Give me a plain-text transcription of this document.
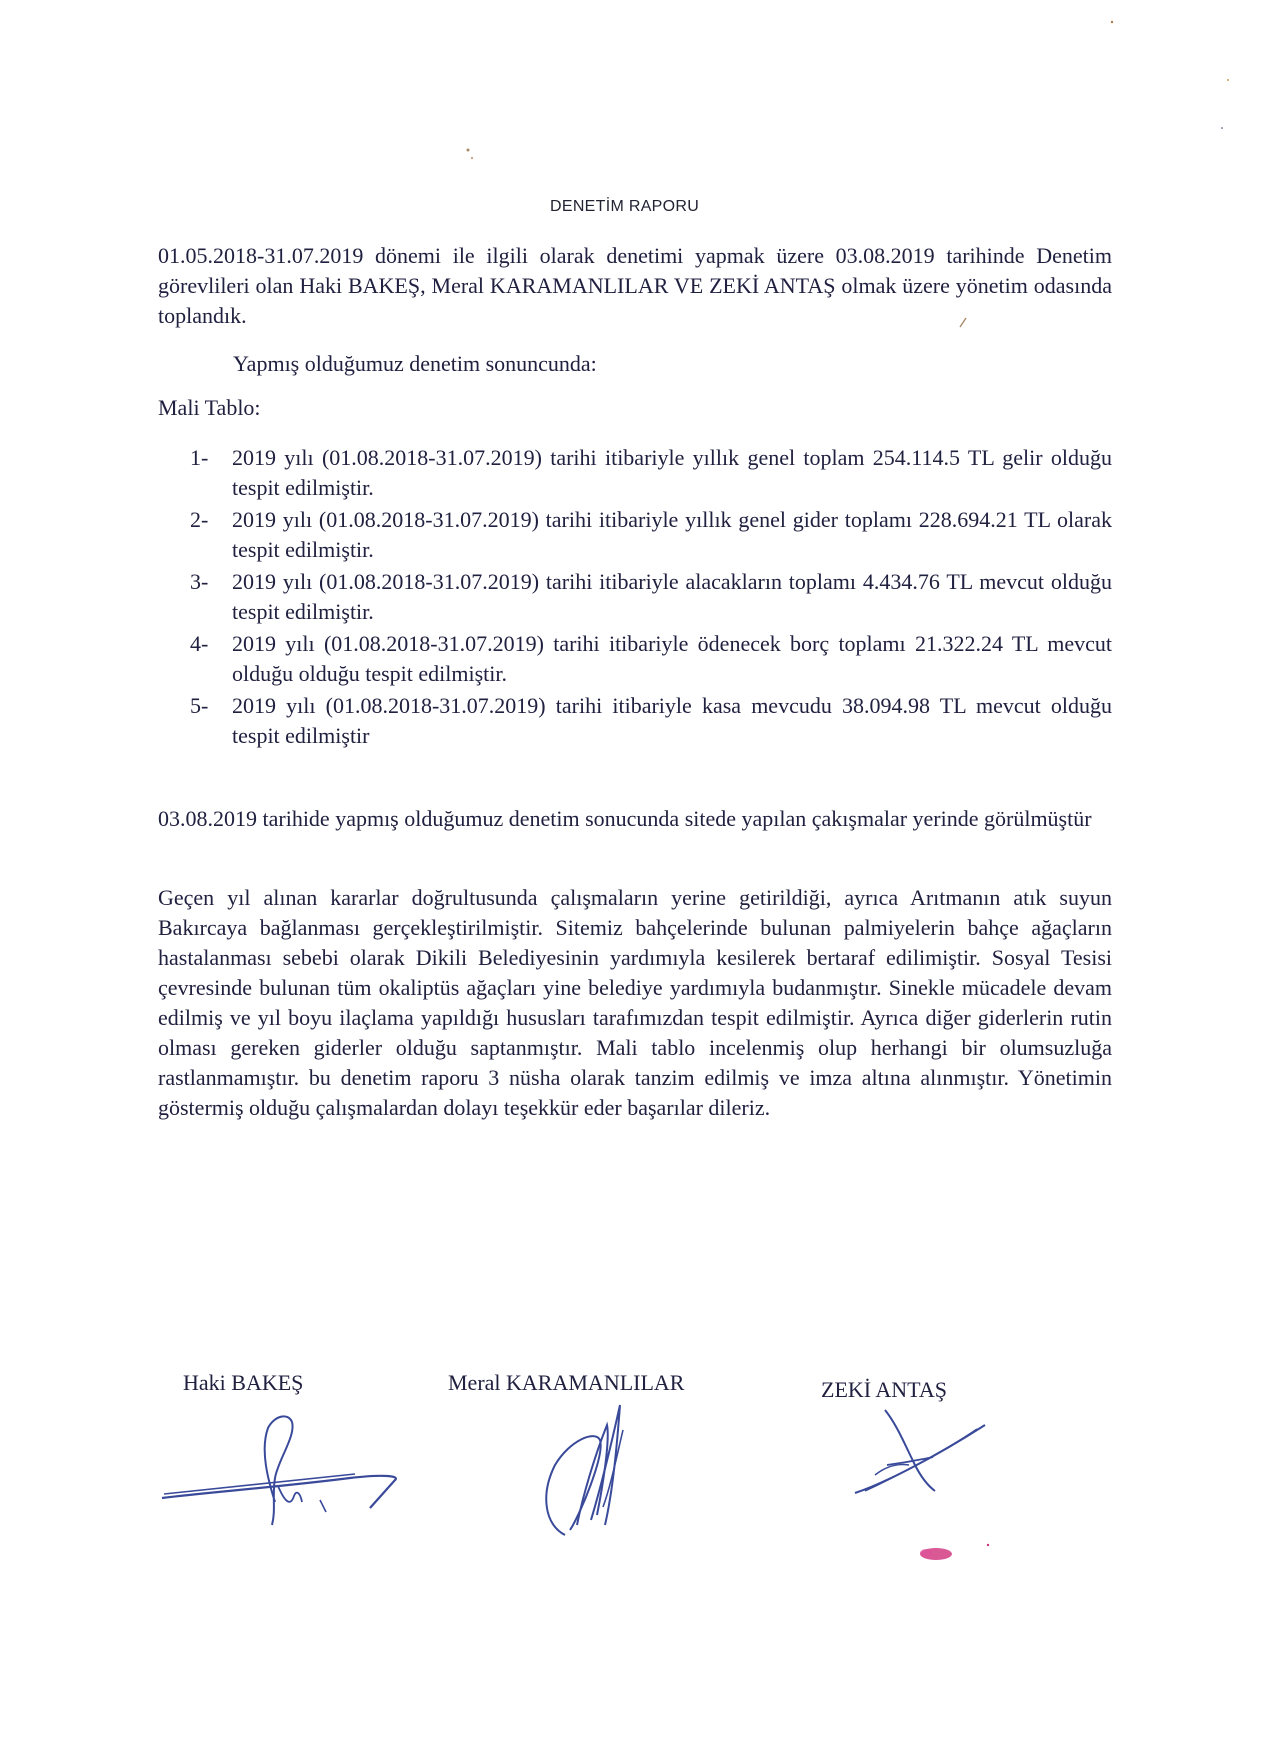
DENETİM RAPORU
01.05.2018-31.07.2019 dönemi ile ilgili olarak denetimi yapmak üzere 03.08.2019 tarihinde Denetim görevlileri olan Haki BAKEŞ, Meral KARAMANLILAR VE ZEKİ ANTAŞ olmak üzere yönetim odasında toplandık.
Yapmış olduğumuz denetim sonuncunda:
Mali Tablo:
1- 2019 yılı (01.08.2018-31.07.2019) tarihi itibariyle yıllık genel toplam 254.114.5 TL gelir olduğu tespit edilmiştir.
2- 2019 yılı (01.08.2018-31.07.2019) tarihi itibariyle yıllık genel gider toplamı 228.694.21 TL olarak tespit edilmiştir.
3- 2019 yılı (01.08.2018-31.07.2019) tarihi itibariyle alacakların toplamı 4.434.76 TL mevcut olduğu tespit edilmiştir.
4- 2019 yılı (01.08.2018-31.07.2019) tarihi itibariyle ödenecek borç toplamı 21.322.24 TL mevcut olduğu olduğu tespit edilmiştir.
5- 2019 yılı (01.08.2018-31.07.2019) tarihi itibariyle kasa mevcudu 38.094.98 TL mevcut olduğu tespit edilmiştir
03.08.2019 tarihide yapmış olduğumuz denetim sonucunda sitede yapılan çakışmalar yerinde görülmüştür
Geçen yıl alınan kararlar doğrultusunda çalışmaların yerine getirildiği, ayrıca Arıtmanın atık suyun Bakırcaya bağlanması gerçekleştirilmiştir. Sitemiz bahçelerinde bulunan palmiyelerin bahçe ağaçların hastalanması sebebi olarak Dikili Belediyesinin yardımıyla kesilerek bertaraf edilimiştir. Sosyal Tesisi çevresinde bulunan tüm okaliptüs ağaçları yine belediye yardımıyla budanmıştır. Sinekle mücadele devam edilmiş ve yıl boyu ilaçlama yapıldığı hususları tarafımızdan tespit edilmiştir. Ayrıca diğer giderlerin rutin olması gereken giderler olduğu saptanmıştır. Mali tablo incelenmiş olup herhangi bir olumsuzluğa rastlanmamıştır. bu denetim raporu 3 nüsha olarak tanzim edilmiş ve imza altına alınmıştır. Yönetimin göstermiş olduğu çalışmalardan dolayı teşekkür eder başarılar dileriz.
Haki BAKEŞ	Meral KARAMANLILAR	ZEKİ ANTAŞ
